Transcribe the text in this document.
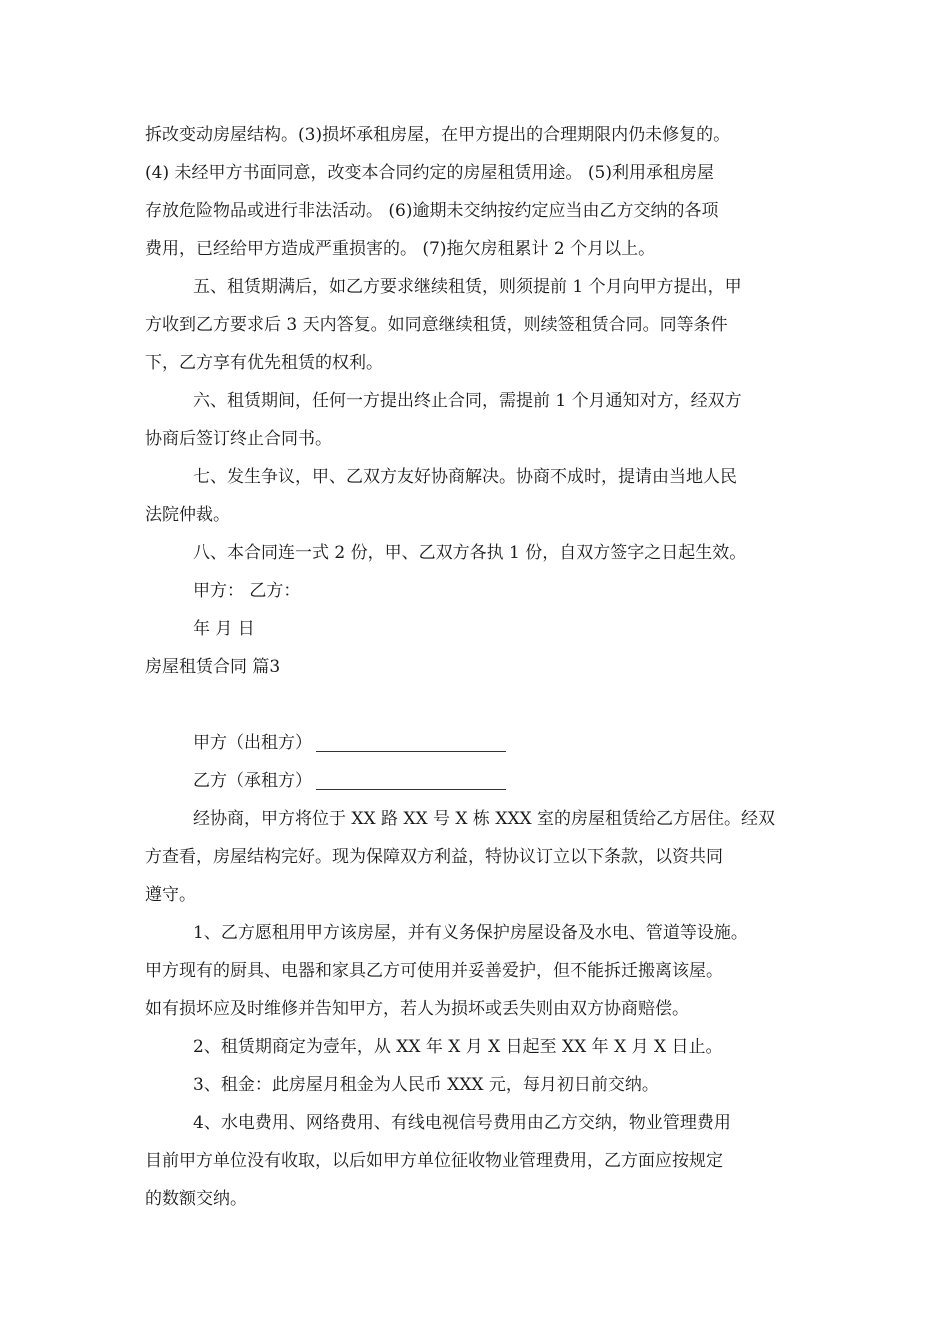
拆改变动房屋结构。(3)损坏承租房屋，在甲方提出的合理期限内仍未修复的。
(4) 未经甲方书面同意，改变本合同约定的房屋租赁用途。 (5)利用承租房屋
存放危险物品或进行非法活动。 (6)逾期未交纳按约定应当由乙方交纳的各项
费用，已经给甲方造成严重损害的。 (7)拖欠房租累计 2 个月以上。
五、租赁期满后，如乙方要求继续租赁，则须提前 1 个月向甲方提出，甲
方收到乙方要求后 3 天内答复。如同意继续租赁，则续签租赁合同。同等条件
下，乙方享有优先租赁的权利。
六、租赁期间，任何一方提出终止合同，需提前 1 个月通知对方，经双方
协商后签订终止合同书。
七、发生争议，甲、乙双方友好协商解决。协商不成时，提请由当地人民
法院仲裁。
八、本合同连一式 2 份，甲、乙双方各执 1 份，自双方签字之日起生效。
甲方： 乙方：
年 月 日
房屋租赁合同 篇3
甲方（出租方）
乙方（承租方）
经协商，甲方将位于 XX 路 XX 号 X 栋 XXX 室的房屋租赁给乙方居住。经双
方查看，房屋结构完好。现为保障双方利益，特协议订立以下条款，以资共同
遵守。
1、乙方愿租用甲方该房屋，并有义务保护房屋设备及水电、管道等设施。
甲方现有的厨具、电器和家具乙方可使用并妥善爱护，但不能拆迁搬离该屋。
如有损坏应及时维修并告知甲方，若人为损坏或丢失则由双方协商赔偿。
2、租赁期商定为壹年，从 XX 年 X 月 X 日起至 XX 年 X 月 X 日止。
3、租金：此房屋月租金为人民币 XXX 元，每月初日前交纳。
4、水电费用、网络费用、有线电视信号费用由乙方交纳，物业管理费用
目前甲方单位没有收取，以后如甲方单位征收物业管理费用，乙方面应按规定
的数额交纳。
